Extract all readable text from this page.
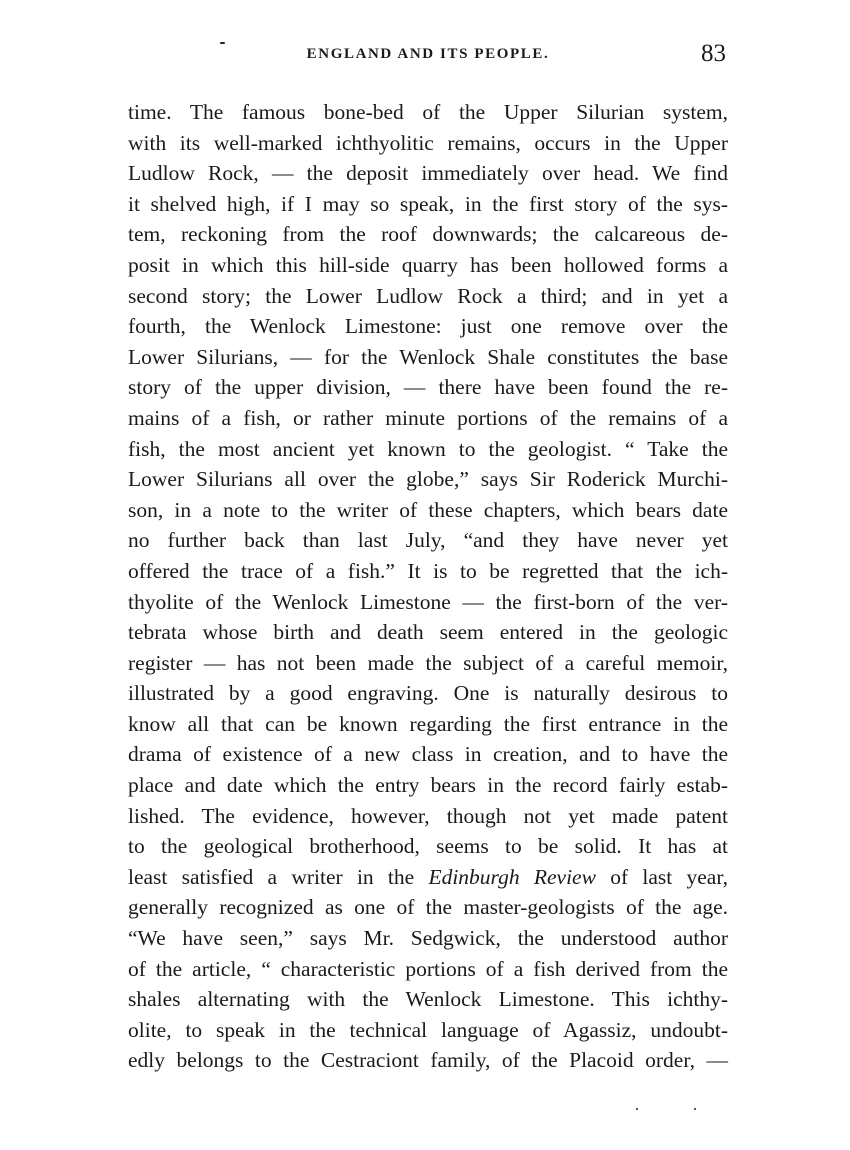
ENGLAND AND ITS PEOPLE.	83
time. The famous bone-bed of the Upper Silurian system,
with its well-marked ichthyolitic remains, occurs in the Upper
Ludlow Rock, — the deposit immediately over head. We find
it shelved high, if I may so speak, in the first story of the sys-
tem, reckoning from the roof downwards; the calcareous de-
posit in which this hill-side quarry has been hollowed forms a
second story; the Lower Ludlow Rock a third; and in yet a
fourth, the Wenlock Limestone: just one remove over the
Lower Silurians, — for the Wenlock Shale constitutes the base
story of the upper division, — there have been found the re-
mains of a fish, or rather minute portions of the remains of a
fish, the most ancient yet known to the geologist. “ Take the
Lower Silurians all over the globe,” says Sir Roderick Murchi-
son, in a note to the writer of these chapters, which bears date
no further back than last July, “and they have never yet
offered the trace of a fish.” It is to be regretted that the ich-
thyolite of the Wenlock Limestone — the first-born of the ver-
tebrata whose birth and death seem entered in the geologic
register — has not been made the subject of a careful memoir,
illustrated by a good engraving. One is naturally desirous to
know all that can be known regarding the first entrance in the
drama of existence of a new class in creation, and to have the
place and date which the entry bears in the record fairly estab-
lished. The evidence, however, though not yet made patent
to the geological brotherhood, seems to be solid. It has at
least satisfied a writer in the Edinburgh Review of last year,
generally recognized as one of the master-geologists of the age.
“We have seen,” says Mr. Sedgwick, the understood author
of the article, “ characteristic portions of a fish derived from the
shales alternating with the Wenlock Limestone. This ichthy-
olite, to speak in the technical language of Agassiz, undoubt-
edly belongs to the Cestraciont family, of the Placoid order, —
